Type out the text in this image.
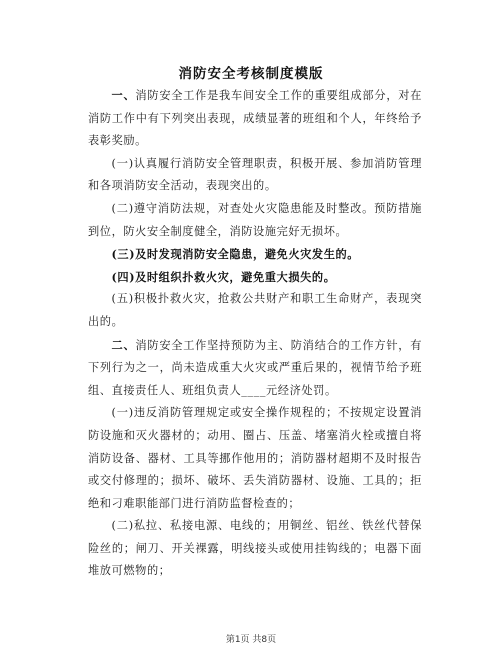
消防安全考核制度模版

一、消防安全工作是我车间安全工作的重要组成部分，对在消防工作中有下列突出表现，成绩显著的班组和个人，年终给予表彰奖励。

(一)认真履行消防安全管理职责，积极开展、参加消防管理和各项消防安全活动，表现突出的。

(二)遵守消防法规，对查处火灾隐患能及时整改。预防措施到位，防火安全制度健全，消防设施完好无损坏。

(三)及时发现消防安全隐患，避免火灾发生的。

(四)及时组织扑救火灾，避免重大损失的。

(五)积极扑救火灾，抢救公共财产和职工生命财产，表现突出的。

二、消防安全工作坚持预防为主、防消结合的工作方针，有下列行为之一，尚未造成重大火灾或严重后果的，视情节给予班组、直接责任人、班组负责人____元经济处罚。

(一)违反消防管理规定或安全操作规程的；不按规定设置消防设施和灭火器材的；动用、圈占、压盖、堵塞消火栓或擅自将消防设备、器材、工具等挪作他用的；消防器材超期不及时报告或交付修理的；损坏、破坏、丢失消防器材、设施、工具的；拒绝和刁难职能部门进行消防监督检查的；

(二)私拉、私接电源、电线的；用铜丝、铝丝、铁丝代替保险丝的；闸刀、开关裸露，明线接头或使用挂钩线的；电器下面堆放可燃物的；

第1页 共8页
